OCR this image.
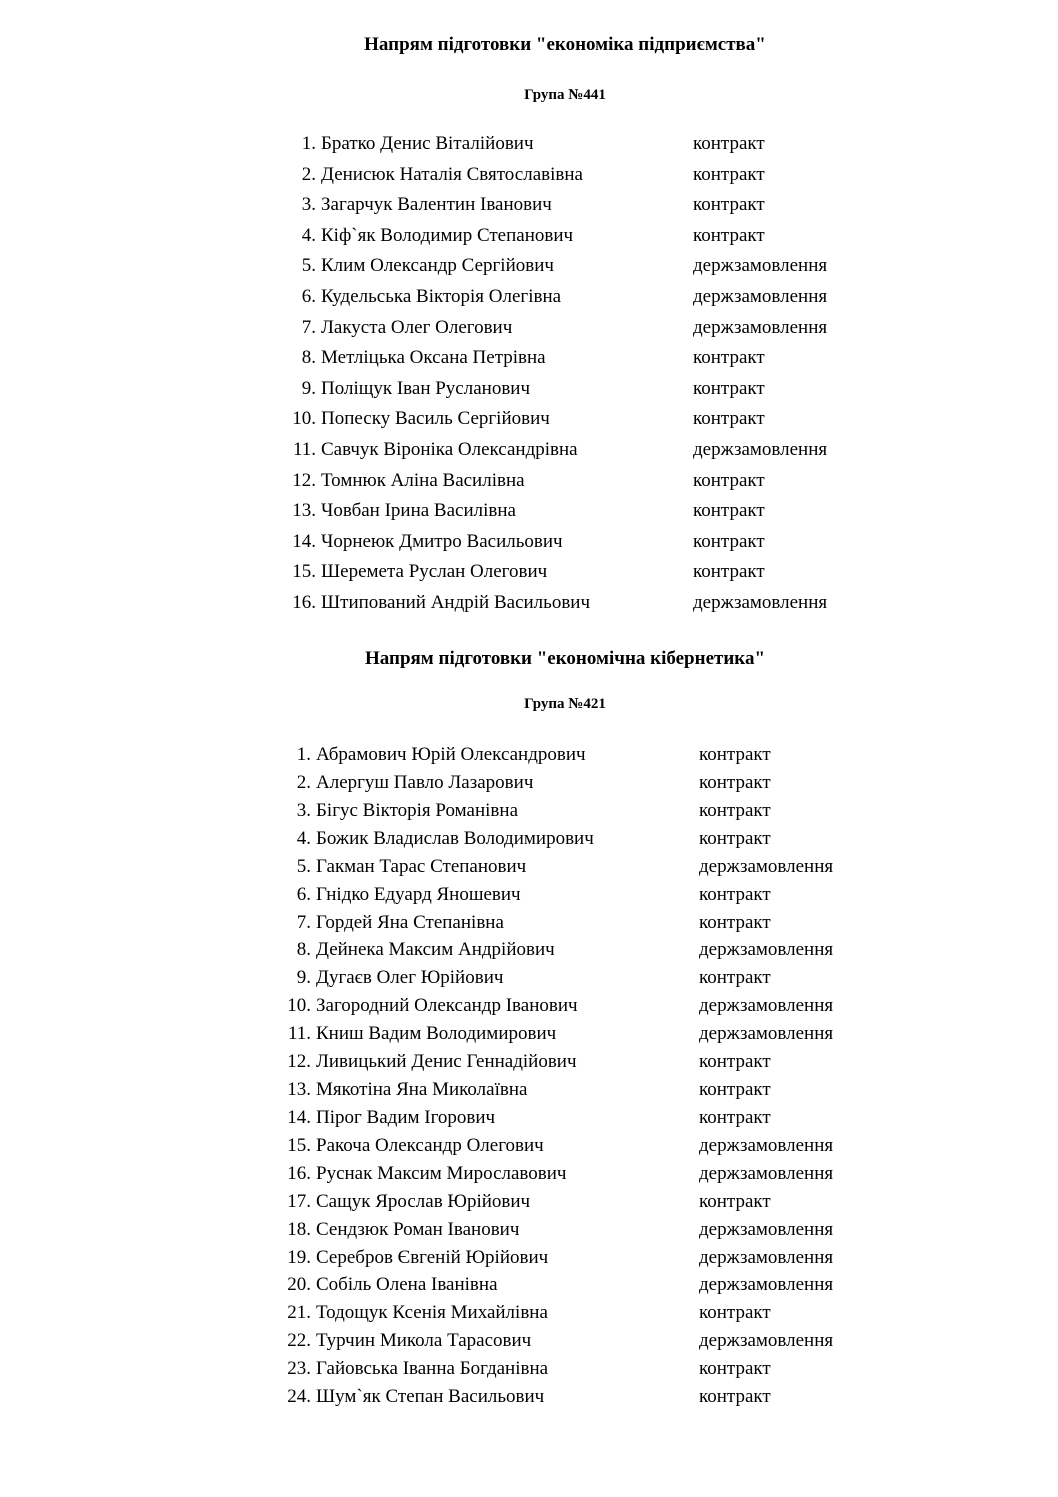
Напрям підготовки "економіка підприємства"
Група №441
1. Братко Денис Віталійович	контракт
2. Денисюк Наталія Святославівна	контракт
3. Загарчук Валентин Іванович	контракт
4. Кіф`як Володимир Степанович	контракт
5. Клим Олександр Сергійович	держзамовлення
6. Кудельська Вікторія Олегівна	держзамовлення
7. Лакуста Олег Олегович	держзамовлення
8. Метліцька Оксана Петрівна	контракт
9. Поліщук Іван Русланович	контракт
10. Попеску Василь Сергійович	контракт
11. Савчук Віроніка Олександрівна	держзамовлення
12. Томнюк Аліна Василівна	контракт
13. Човбан Ірина Василівна	контракт
14. Чорнеюк Дмитро Васильович	контракт
15. Шеремета Руслан Олегович	контракт
16. Штипований Андрій Васильович	держзамовлення
Напрям підготовки "економічна кібернетика"
Група №421
1. Абрамович Юрій Олександрович	контракт
2. Алергуш Павло Лазарович	контракт
3. Бігус Вікторія Романівна	контракт
4. Божик Владислав Володимирович	контракт
5. Гакман Тарас Степанович	держзамовлення
6. Гнідко Едуард Яношевич	контракт
7. Гордей Яна Степанівна	контракт
8. Дейнека Максим Андрійович	держзамовлення
9. Дугаєв Олег Юрійович	контракт
10. Загородний Олександр Іванович	держзамовлення
11. Книш Вадим Володимирович	держзамовлення
12. Ливицький Денис Геннадійович	контракт
13. Мякотіна Яна Миколаївна	контракт
14. Пірог Вадим Ігорович	контракт
15. Ракоча Олександр Олегович	держзамовлення
16. Руснак Максим Мирославович	держзамовлення
17. Сащук Ярослав Юрійович	контракт
18. Сендзюк Роман Іванович	держзамовлення
19. Серебров Євгеній Юрійович	держзамовлення
20. Собіль Олена Іванівна	держзамовлення
21. Тодощук Ксенія Михайлівна	контракт
22. Турчин Микола Тарасович	держзамовлення
23. Гайовська Іванна Богданівна	контракт
24. Шум`як Степан Васильович	контракт
